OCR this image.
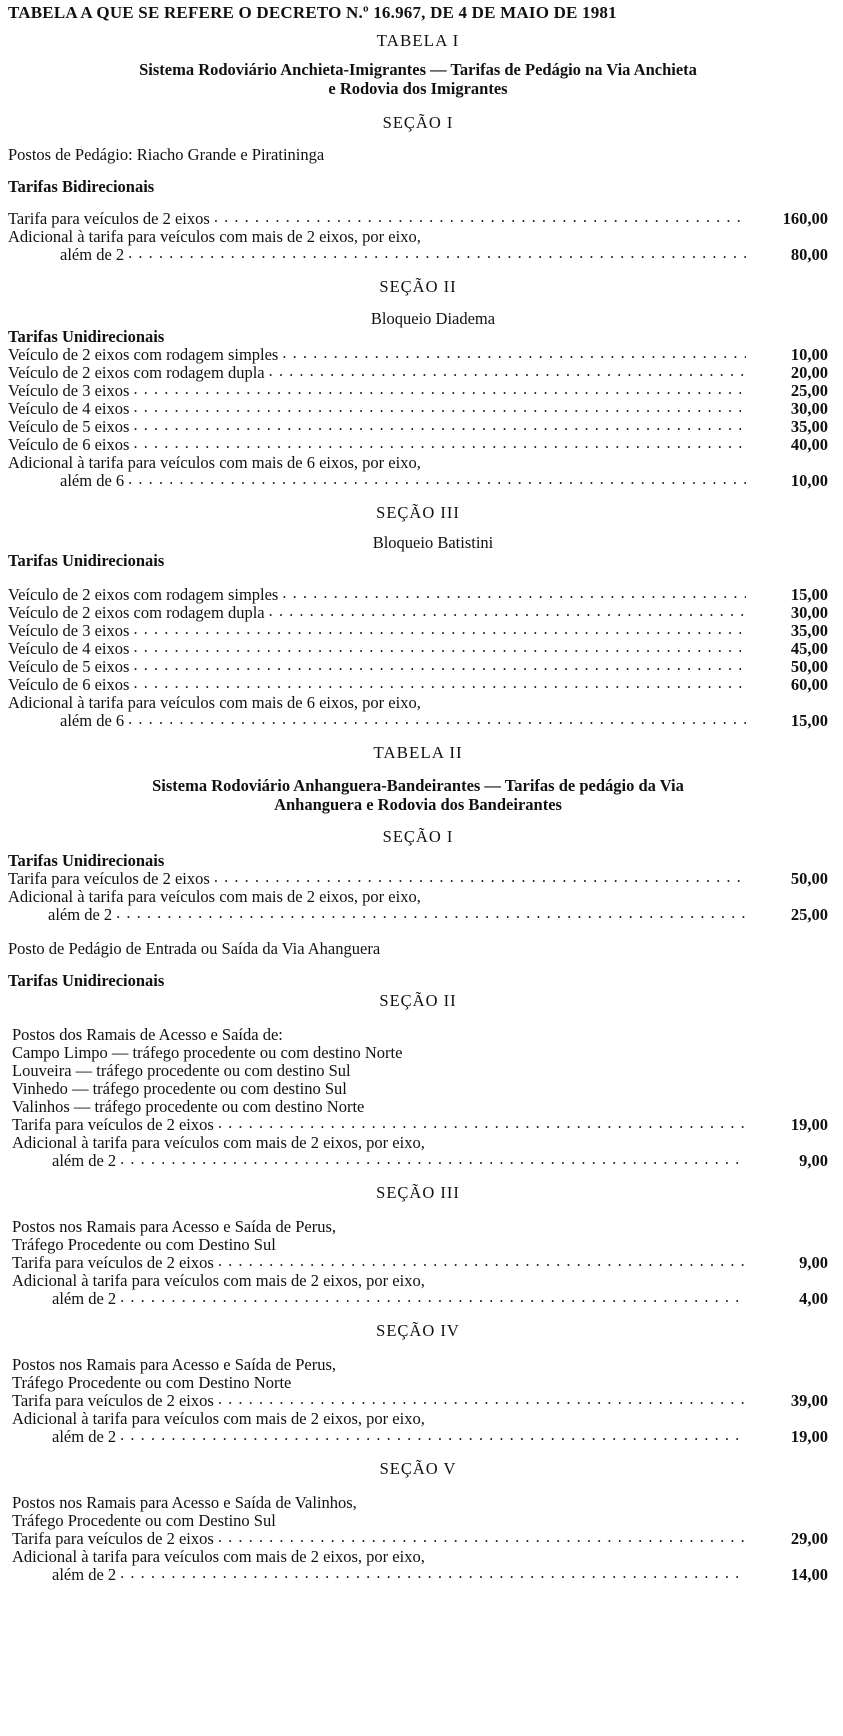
TABELA A QUE SE REFERE O DECRETO N.º 16.967, DE 4 DE MAIO DE 1981
TABELA I
Sistema Rodoviário Anchieta-Imigrantes — Tarifas de Pedágio na Via Anchieta
e Rodovia dos Imigrantes
SEÇÃO I
Postos de Pedágio: Riacho Grande e Piratininga
Tarifas Bidirecionais
Tarifa para veículos de 2 eixos . . .	160,00
Adicional à tarifa para veículos com mais de 2 eixos, por eixo,
além de 2 . . .	80,00
SEÇÃO II
Bloqueio Diadema
Tarifas Unidirecionais
Veículo de 2 eixos com rodagem simples . . .	10,00
Veículo de 2 eixos com rodagem dupla . . .	20,00
Veículo de 3 eixos . . .	25,00
Veículo de 4 eixos . . .	30,00
Veículo de 5 eixos . . .	35,00
Veículo de 6 eixos . . .	40,00
Adicional à tarifa para veículos com mais de 6 eixos, por eixo,
além de 6 . . .	10,00
SEÇÃO III
Bloqueio Batistini
Tarifas Unidirecionais
Veículo de 2 eixos com rodagem simples . . .	15,00
Veículo de 2 eixos com rodagem dupla . . .	30,00
Veículo de 3 eixos . . .	35,00
Veículo de 4 eixos . . .	45,00
Veículo de 5 eixos . . .	50,00
Veículo de 6 eixos . . .	60,00
Adicional à tarifa para veículos com mais de 6 eixos, por eixo,
além de 6 . . .	15,00
TABELA II
Sistema Rodoviário Anhanguera-Bandeirantes — Tarifas de pedágio da Via
Anhanguera e Rodovia dos Bandeirantes
SEÇÃO I
Tarifas Unidirecionais
Tarifa para veículos de 2 eixos . . .	50,00
Adicional à tarifa para veículos com mais de 2 eixos, por eixo,
além de 2 . . .	25,00
Posto de Pedágio de Entrada ou Saída da Via Ahanguera
Tarifas Unidirecionais
SEÇÃO II
Postos dos Ramais de Acesso e Saída de:
Campo Limpo — tráfego procedente ou com destino Norte
Louveira — tráfego procedente ou com destino Sul
Vinhedo — tráfego procedente ou com destino Sul
Valinhos — tráfego procedente ou com destino Norte
Tarifa para veículos de 2 eixos . . .	19,00
Adicional à tarifa para veículos com mais de 2 eixos, por eixo,
além de 2 . . .	9,00
SEÇÃO III
Postos nos Ramais para Acesso e Saída de Perus,
Tráfego Procedente ou com Destino Sul
Tarifa para veículos de 2 eixos . . .	9,00
Adicional à tarifa para veículos com mais de 2 eixos, por eixo,
além de 2 . . .	4,00
SEÇÃO IV
Postos nos Ramais para Acesso e Saída de Perus,
Tráfego Procedente ou com Destino Norte
Tarifa para veículos de 2 eixos . . .	39,00
Adicional à tarifa para veículos com mais de 2 eixos, por eixo,
além de 2 . . .	19,00
SEÇÃO V
Postos nos Ramais para Acesso e Saída de Valinhos,
Tráfego Procedente ou com Destino Sul
Tarifa para veículos de 2 eixos . . .	29,00
Adicional à tarifa para veículos com mais de 2 eixos, por eixo,
além de 2 . . .	14,00
